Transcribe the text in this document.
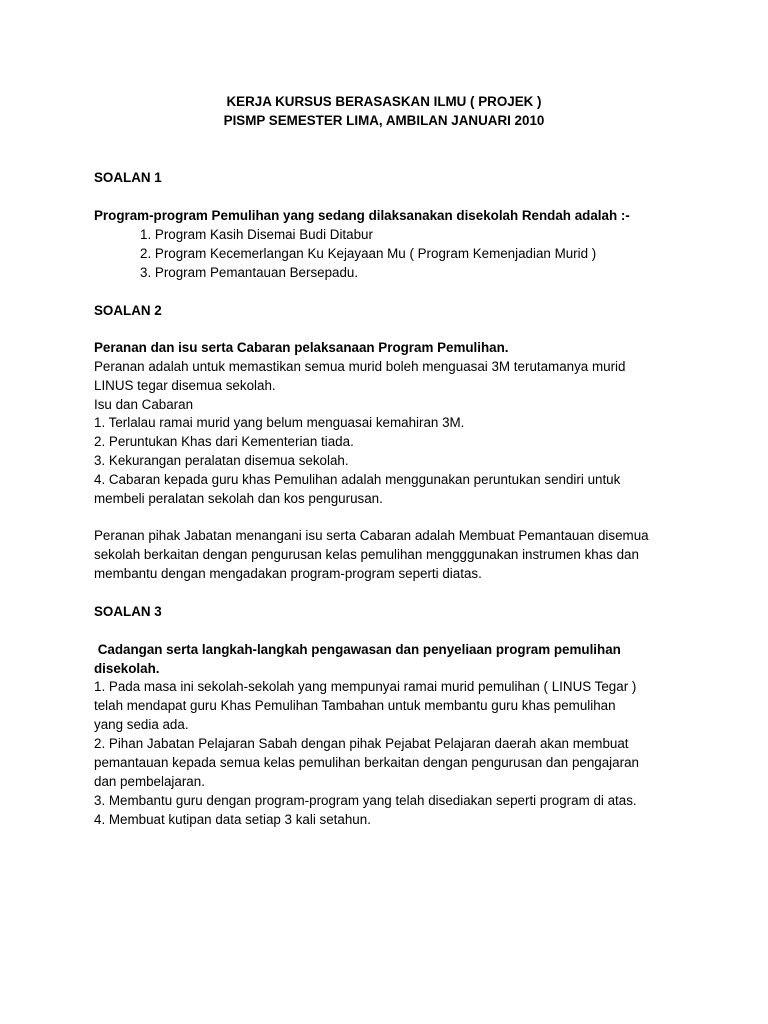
KERJA KURSUS BERASASKAN ILMU ( PROJEK )
PISMP SEMESTER LIMA, AMBILAN JANUARI 2010
SOALAN 1
Program-program Pemulihan yang sedang dilaksanakan disekolah Rendah adalah :-
1. Program Kasih Disemai Budi Ditabur
2. Program Kecemerlangan Ku Kejayaan Mu ( Program Kemenjadian Murid )
3. Program Pemantauan Bersepadu.
SOALAN 2
Peranan dan isu serta Cabaran pelaksanaan Program Pemulihan.
Peranan adalah untuk memastikan semua murid boleh menguasai 3M terutamanya murid
LINUS tegar disemua sekolah.
Isu dan Cabaran
1. Terlalau ramai murid yang belum menguasai kemahiran 3M.
2. Peruntukan Khas dari Kementerian tiada.
3. Kekurangan peralatan disemua sekolah.
4. Cabaran kepada guru khas Pemulihan adalah menggunakan peruntukan sendiri untuk
membeli peralatan sekolah dan kos pengurusan.
Peranan pihak Jabatan menangani isu serta Cabaran adalah Membuat Pemantauan disemua
sekolah berkaitan dengan pengurusan kelas pemulihan mengggunakan instrumen khas dan
membantu dengan mengadakan program-program seperti diatas.
SOALAN 3
Cadangan serta langkah-langkah pengawasan dan penyeliaan program pemulihan
disekolah.
1. Pada masa ini sekolah-sekolah yang mempunyai ramai murid pemulihan ( LINUS Tegar )
telah mendapat guru Khas Pemulihan Tambahan untuk membantu guru khas pemulihan
yang sedia ada.
2. Pihan Jabatan Pelajaran Sabah dengan pihak Pejabat Pelajaran daerah akan membuat
pemantauan kepada semua kelas pemulihan berkaitan dengan pengurusan dan pengajaran
dan pembelajaran.
3. Membantu guru dengan program-program yang telah disediakan seperti program di atas.
4. Membuat kutipan data setiap 3 kali setahun.
